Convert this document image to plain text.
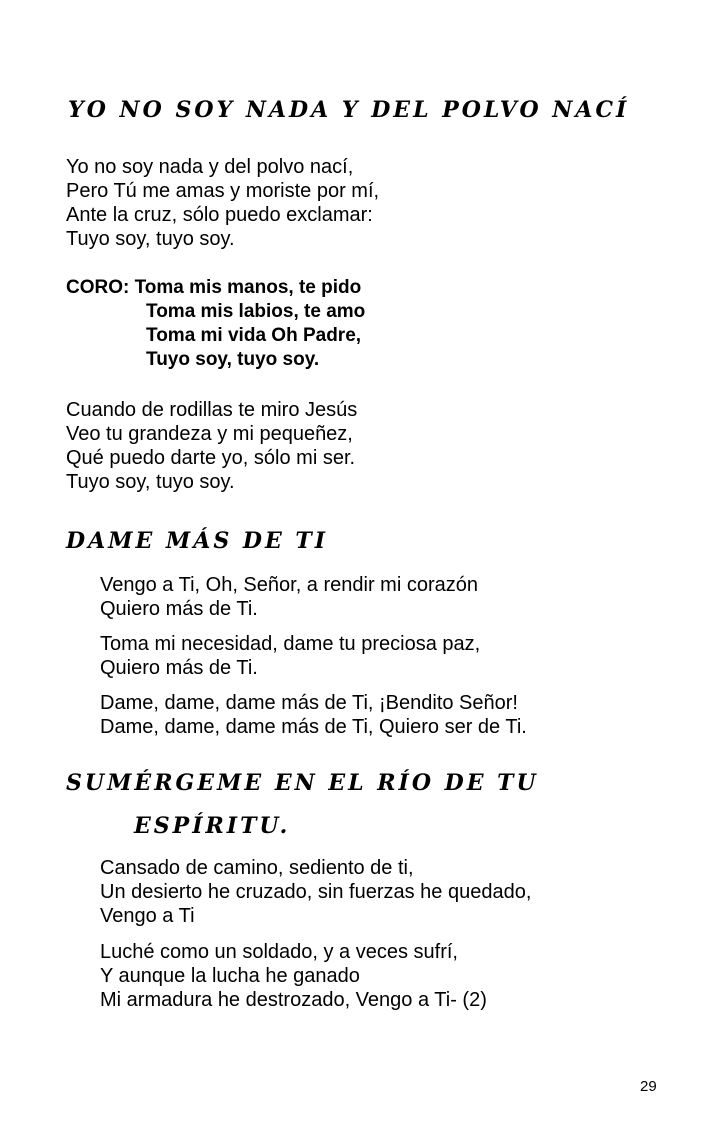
YO NO SOY NADA Y DEL POLVO NACÍ
Yo no soy nada y del polvo nací,
Pero Tú me amas y moriste por mí,
Ante la cruz, sólo puedo exclamar:
Tuyo soy, tuyo soy.
CORO: Toma mis manos, te pido
Toma mis labios, te amo
Toma mi vida Oh Padre,
Tuyo soy, tuyo soy.
Cuando de rodillas te miro Jesús
Veo tu grandeza y mi pequeñez,
Qué puedo darte yo, sólo mi ser.
Tuyo soy, tuyo soy.
DAME MÁS DE TI
Vengo a Ti, Oh, Señor, a rendir mi corazón
Quiero más de Ti.
Toma mi necesidad, dame tu preciosa paz,
Quiero más de Ti.
Dame, dame, dame más de Ti, ¡Bendito Señor!
Dame, dame, dame más de Ti, Quiero ser de Ti.
SUMÉRGEME EN EL RÍO DE TU
ESPÍRITU.
Cansado de camino, sediento de ti,
Un desierto he cruzado, sin fuerzas he quedado,
Vengo a Ti
Luché como un soldado, y a veces sufrí,
Y aunque la lucha he ganado
Mi armadura he destrozado, Vengo a Ti- (2)
29
